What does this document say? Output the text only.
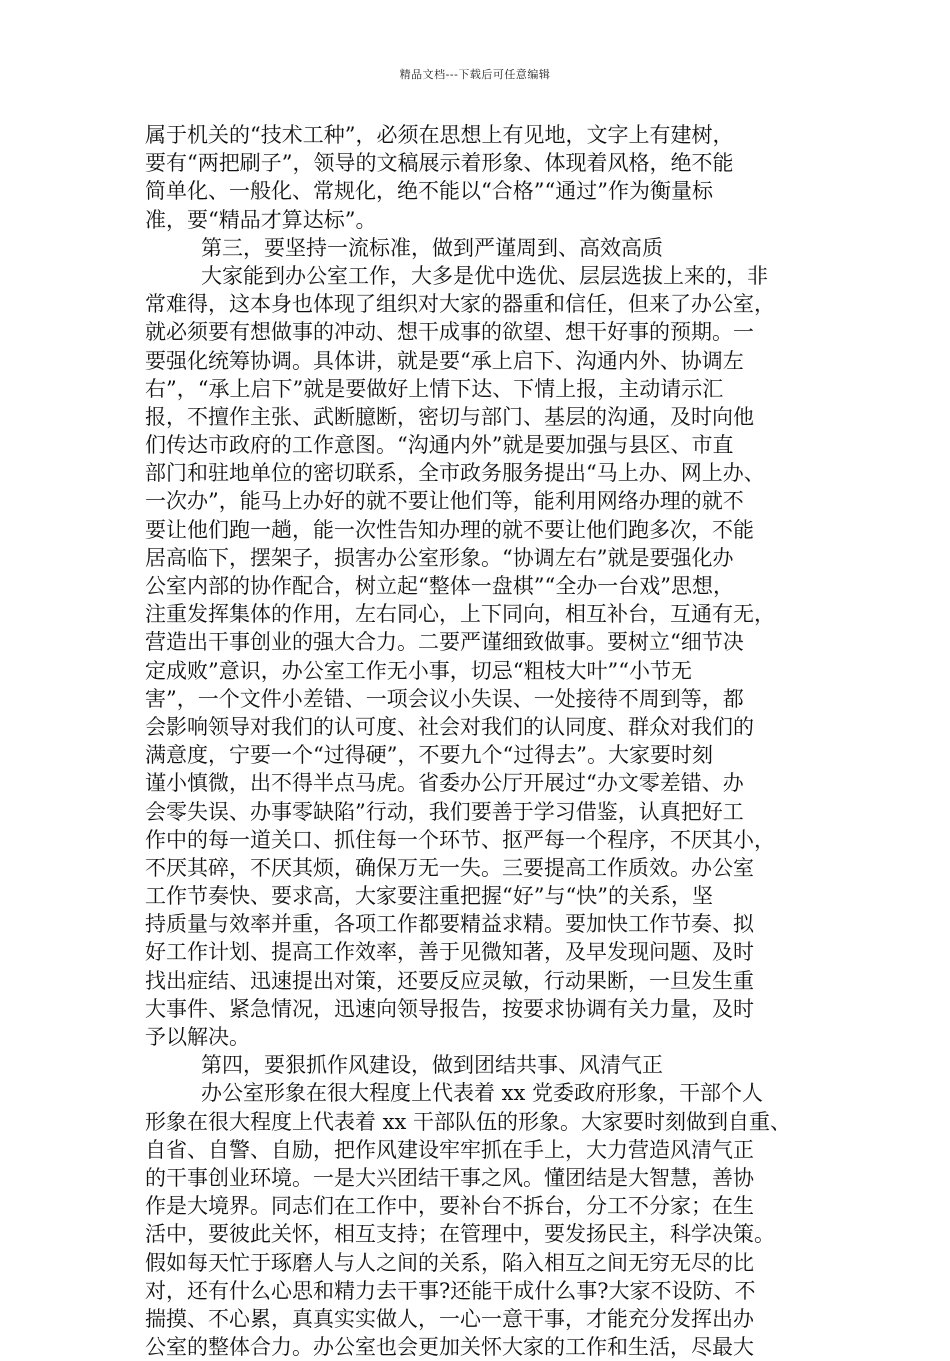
精品文档---下载后可任意编辑
属于机关的“技术工种”，必须在思想上有见地，文字上有建树，
要有“两把刷子”，领导的文稿展示着形象、体现着风格，绝不能
简单化、一般化、常规化，绝不能以“合格”“通过”作为衡量标
准，要“精品才算达标”。
第三，要坚持一流标准，做到严谨周到、高效高质
大家能到办公室工作，大多是优中选优、层层选拔上来的，非
常难得，这本身也体现了组织对大家的器重和信任，但来了办公室，
就必须要有想做事的冲动、想干成事的欲望、想干好事的预期。一
要强化统筹协调。具体讲，就是要“承上启下、沟通内外、协调左
右”，“承上启下”就是要做好上情下达、下情上报，主动请示汇
报，不擅作主张、武断臆断，密切与部门、基层的沟通，及时向他
们传达市政府的工作意图。“沟通内外”就是要加强与县区、市直
部门和驻地单位的密切联系，全市政务服务提出“马上办、网上办、
一次办”，能马上办好的就不要让他们等，能利用网络办理的就不
要让他们跑一趟，能一次性告知办理的就不要让他们跑多次，不能
居高临下，摆架子，损害办公室形象。“协调左右”就是要强化办
公室内部的协作配合，树立起“整体一盘棋”“全办一台戏”思想，
注重发挥集体的作用，左右同心，上下同向，相互补台，互通有无，
营造出干事创业的强大合力。二要严谨细致做事。要树立“细节决
定成败”意识，办公室工作无小事，切忌“粗枝大叶”“小节无
害”，一个文件小差错、一项会议小失误、一处接待不周到等，都
会影响领导对我们的认可度、社会对我们的认同度、群众对我们的
满意度，宁要一个“过得硬”，不要九个“过得去”。大家要时刻
谨小慎微，出不得半点马虎。省委办公厅开展过“办文零差错、办
会零失误、办事零缺陷”行动，我们要善于学习借鉴，认真把好工
作中的每一道关口、抓住每一个环节、抠严每一个程序，不厌其小，
不厌其碎，不厌其烦，确保万无一失。三要提高工作质效。办公室
工作节奏快、要求高，大家要注重把握“好”与“快”的关系，坚
持质量与效率并重，各项工作都要精益求精。要加快工作节奏、拟
好工作计划、提高工作效率，善于见微知著，及早发现问题、及时
找出症结、迅速提出对策，还要反应灵敏，行动果断，一旦发生重
大事件、紧急情况，迅速向领导报告，按要求协调有关力量，及时
予以解决。
第四，要狠抓作风建设，做到团结共事、风清气正
办公室形象在很大程度上代表着 xx 党委政府形象，干部个人
形象在很大程度上代表着 xx 干部队伍的形象。大家要时刻做到自重、
自省、自警、自励，把作风建设牢牢抓在手上，大力营造风清气正
的干事创业环境。一是大兴团结干事之风。懂团结是大智慧，善协
作是大境界。同志们在工作中，要补台不拆台，分工不分家；在生
活中，要彼此关怀，相互支持；在管理中，要发扬民主，科学决策。
假如每天忙于琢磨人与人之间的关系，陷入相互之间无穷无尽的比
对，还有什么心思和精力去干事?还能干成什么事?大家不设防、不
揣摸、不心累，真真实实做人，一心一意干事，才能充分发挥出办
公室的整体合力。办公室也会更加关怀大家的工作和生活，尽最大
